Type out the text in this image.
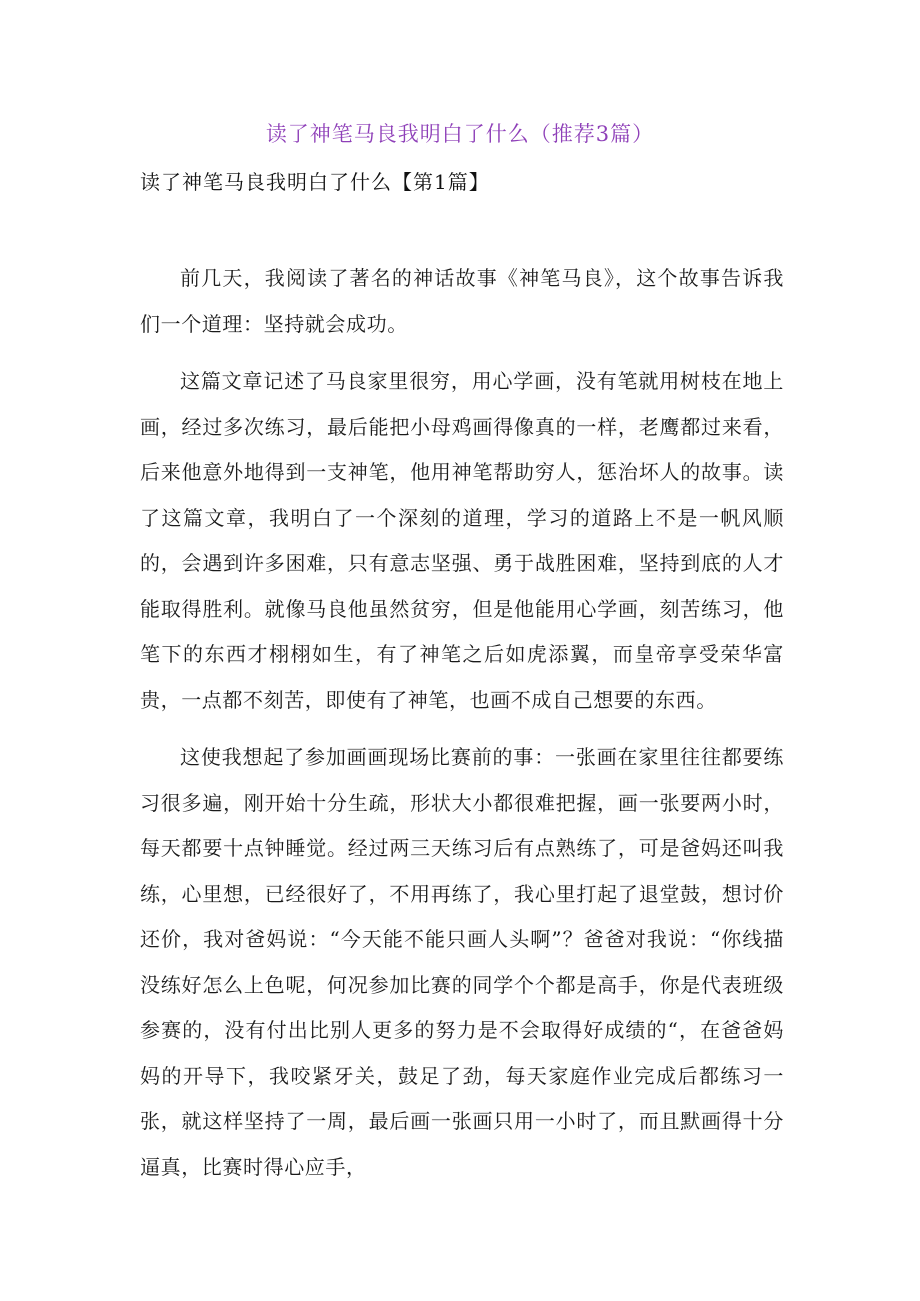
读了神笔马良我明白了什么（推荐3篇）
读了神笔马良我明白了什么【第1篇】

前几天，我阅读了著名的神话故事《神笔马良》，这个故事告诉我们一个道理：坚持就会成功。

这篇文章记述了马良家里很穷，用心学画，没有笔就用树枝在地上画，经过多次练习，最后能把小母鸡画得像真的一样，老鹰都过来看，后来他意外地得到一支神笔，他用神笔帮助穷人，惩治坏人的故事。读了这篇文章，我明白了一个深刻的道理，学习的道路上不是一帆风顺的，会遇到许多困难，只有意志坚强、勇于战胜困难，坚持到底的人才能取得胜利。就像马良他虽然贫穷，但是他能用心学画，刻苦练习，他笔下的东西才栩栩如生，有了神笔之后如虎添翼，而皇帝享受荣华富贵，一点都不刻苦，即使有了神笔，也画不成自己想要的东西。

这使我想起了参加画画现场比赛前的事：一张画在家里往往都要练习很多遍，刚开始十分生疏，形状大小都很难把握，画一张要两小时，每天都要十点钟睡觉。经过两三天练习后有点熟练了，可是爸妈还叫我练，心里想，已经很好了，不用再练了，我心里打起了退堂鼓，想讨价还价，我对爸妈说：“今天能不能只画人头啊”？爸爸对我说：“你线描没练好怎么上色呢，何况参加比赛的同学个个都是高手，你是代表班级参赛的，没有付出比别人更多的努力是不会取得好成绩的“，在爸爸妈妈的开导下，我咬紧牙关，鼓足了劲，每天家庭作业完成后都练习一张，就这样坚持了一周，最后画一张画只用一小时了，而且默画得十分逼真，比赛时得心应手，
